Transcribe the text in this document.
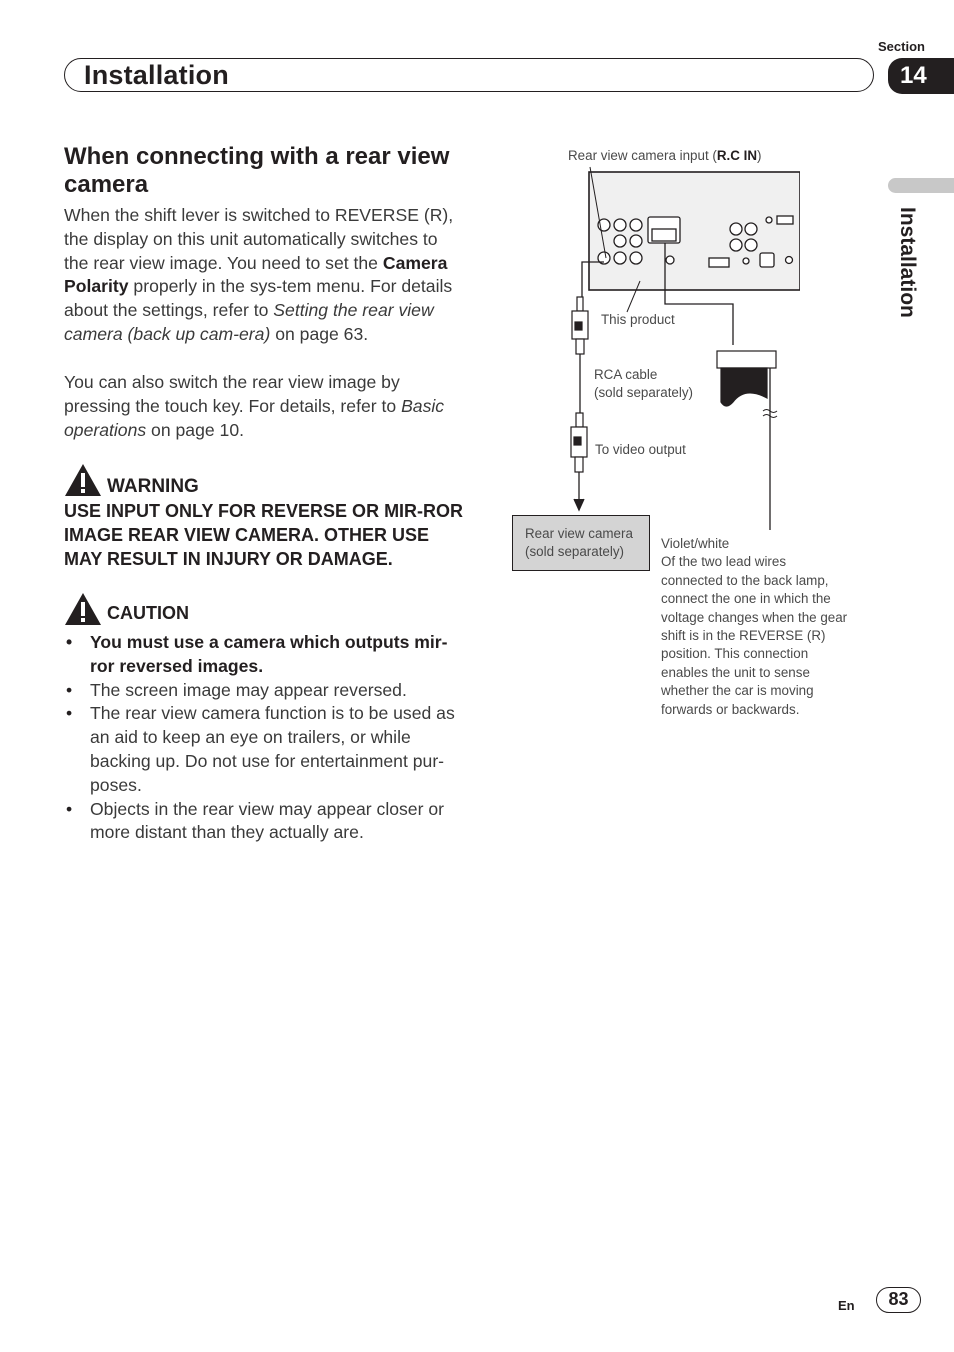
Section
Installation	14
Installation
When connecting with a rear view camera
When the shift lever is switched to REVERSE (R), the display on this unit automatically switches to the rear view image. You need to set the Camera Polarity properly in the sys-tem menu. For details about the settings, refer to Setting the rear view camera (back up cam-era) on page 63.
You can also switch the rear view image by pressing the touch key. For details, refer to Basic operations on page 10.
WARNING
USE INPUT ONLY FOR REVERSE OR MIR-ROR IMAGE REAR VIEW CAMERA. OTHER USE MAY RESULT IN INJURY OR DAMAGE.
CAUTION
• You must use a camera which outputs mir-ror reversed images.
• The screen image may appear reversed.
• The rear view camera function is to be used as an aid to keep an eye on trailers, or while backing up. Do not use for entertainment pur-poses.
• Objects in the rear view may appear closer or more distant than they actually are.
Rear view camera input (R.C IN)
This product
RCA cable
(sold separately)
To video output
Rear view camera
(sold separately)
Violet/white
Of the two lead wires connected to the back lamp, connect the one in which the voltage changes when the gear shift is in the REVERSE (R) position. This connection enables the unit to sense whether the car is moving forwards or backwards.
En	83
